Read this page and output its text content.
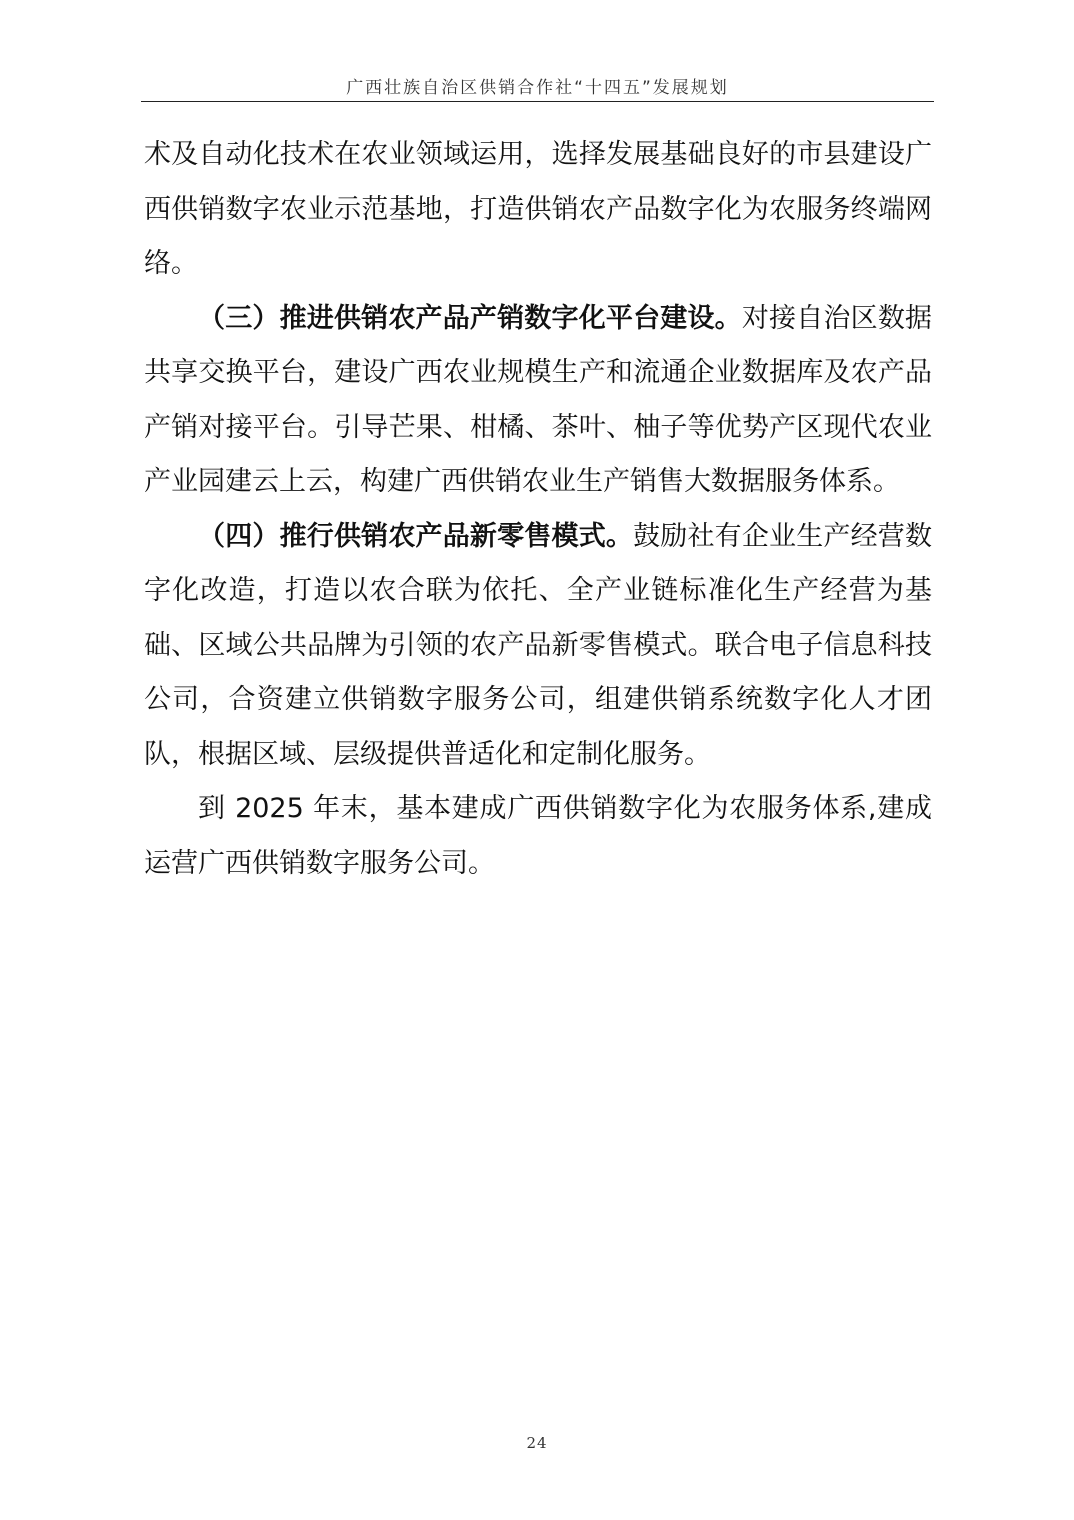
广西壮族自治区供销合作社“十四五”发展规划

术及自动化技术在农业领域运用，选择发展基础良好的市县建设广西供销数字农业示范基地，打造供销农产品数字化为农服务终端网络。

（三）推进供销农产品产销数字化平台建设。对接自治区数据共享交换平台，建设广西农业规模生产和流通企业数据库及农产品产销对接平台。引导芒果、柑橘、茶叶、柚子等优势产区现代农业产业园建云上云，构建广西供销农业生产销售大数据服务体系。

（四）推行供销农产品新零售模式。鼓励社有企业生产经营数字化改造，打造以农合联为依托、全产业链标准化生产经营为基础、区域公共品牌为引领的农产品新零售模式。联合电子信息科技公司，合资建立供销数字服务公司，组建供销系统数字化人才团队，根据区域、层级提供普适化和定制化服务。

到 2025 年末，基本建成广西供销数字化为农服务体系,建成运营广西供销数字服务公司。

24
